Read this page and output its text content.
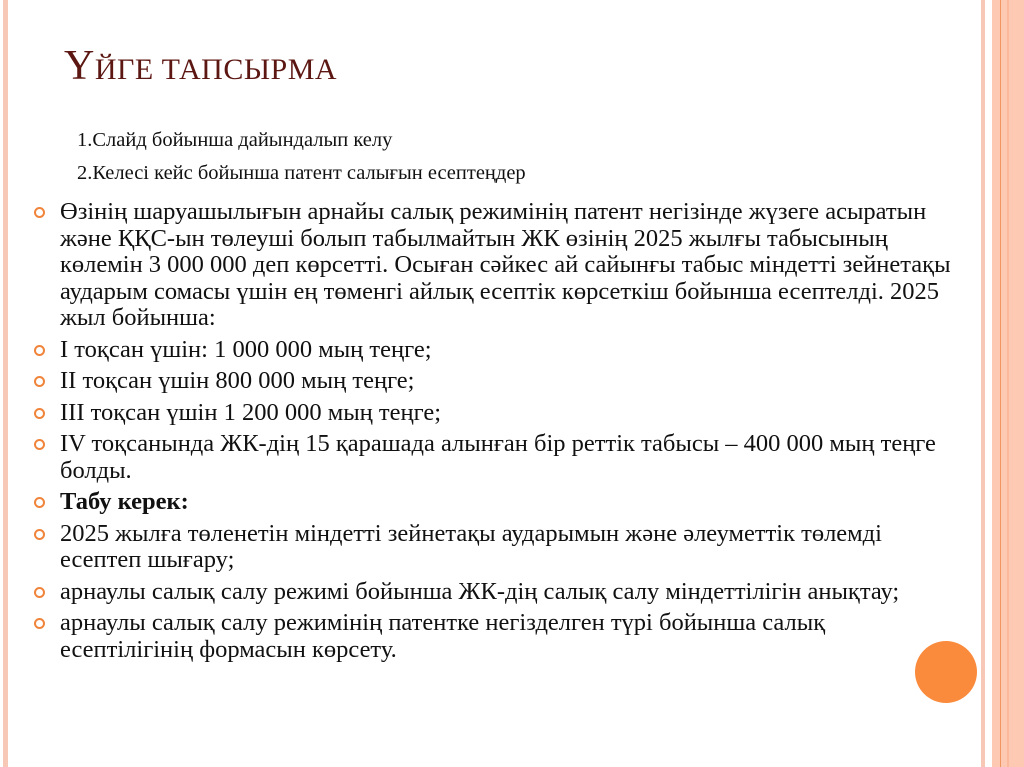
ҮЙГЕ ТАПСЫРМА
1.Слайд бойынша дайындалып келу
2.Келесі кейс бойынша патент салығын есептеңдер
Өзінің шаруашылығын арнайы салық режимінің патент негізінде жүзеге асыратын және ҚҚС-ын төлеуші болып табылмайтын ЖК өзінің 2025 жылғы табысының көлемін 3 000 000 деп көрсетті. Осыған сәйкес ай сайынғы табыс міндетті зейнетақы аударым сомасы үшін ең төменгі айлық есептік көрсеткіш бойынша есептелді. 2025 жыл бойынша:
І тоқсан үшін: 1 000 000 мың теңге;
ІІ тоқсан үшін 800 000 мың теңге;
ІІІ тоқсан үшін 1 200 000 мың теңге;
ІV тоқсанында ЖК-дің 15 қарашада алынған бір реттік табысы – 400 000 мың теңге болды.
Табу керек:
2025 жылға төленетін міндетті зейнетақы аударымын және әлеуметтік төлемді есептеп шығару;
арнаулы салық салу режимі бойынша ЖК-дің салық салу міндеттілігін анықтау;
арнаулы салық салу режимінің патентке негізделген түрі бойынша салық есептілігінің формасын көрсету.
